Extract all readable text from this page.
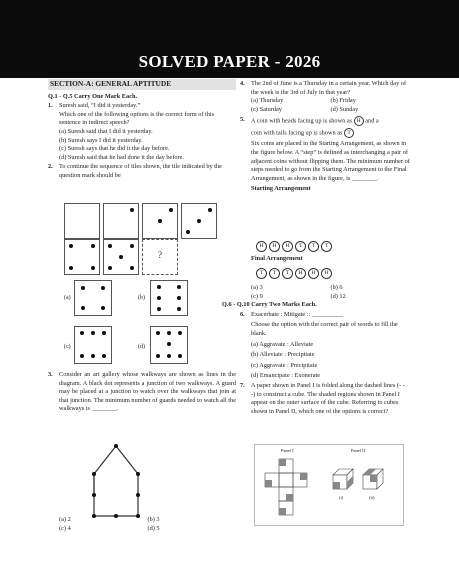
SOLVED PAPER - 2026
SECTION-A: GENERAL APTITUDE
Q.1 - Q.5 Carry One Mark Each.
1. Suresh said, “I did it yesterday.”
Which one of the following options is the correct form of this sentence in indirect speech?
(a) Suresh said that I did it yesterday.
(b) Suresh says I did it yesterday.
(c) Suresh says that he did it the day before.
(d) Suresh said that he had done it the day before.
2. To continue the sequence of tiles shown, the tile indicated by the question mark should be
?
(a)	(b)
(c)	(d)
3. Consider an art gallery whose walkways are shown as lines in the diagram. A black dot represents a junction of two walkways. A guard may be placed at a junction to watch over the walkways that join at that junction. The minimum number of guards needed to watch all the walkways is ________.
(a) 2	(b) 3
(c) 4	(d) 5
4. The 2nd of June is a Thursday in a certain year. Which day of the week is the 3rd of July in that year?
(a) Thursday	(b) Friday
(c) Saturday	(d) Sunday
5. A coin with heads facing up is shown as H and a
coin with tails facing up is shown as T
Six coins are placed in the Starting Arrangement, as shown in the figure below. A “step” is defined as interchanging a pair of adjacent coins without flipping them. The minimum number of steps needed to go from the Starting Arrangement to the Final Arrangement, as shown in the figure, is ________.
Starting Arrangement
H	H	H	T	T	T
Final Arrangement
T	T	T	H	H	H
(a) 3	(b) 6
(c) 9	(d) 12
Q.6 - Q.10 Carry Two Marks Each.
6. Exacerbate : Mitigate :: __________
Choose the option with the correct pair of words to fill the blank.
(a) Aggravate : Alleviate
(b) Alleviate : Precipitate
(c) Aggravate : Precipitate
(d) Emancipate : Exonerate
7. A paper shown in Panel I is folded along the dashed lines (- - -) to construct a cube. The shaded regions shown in Panel I appear on the outer surface of the cube. Referring to cubes shown in Panel II, which one of the options is correct?
Panel I	Panel II
(i)	(ii)
